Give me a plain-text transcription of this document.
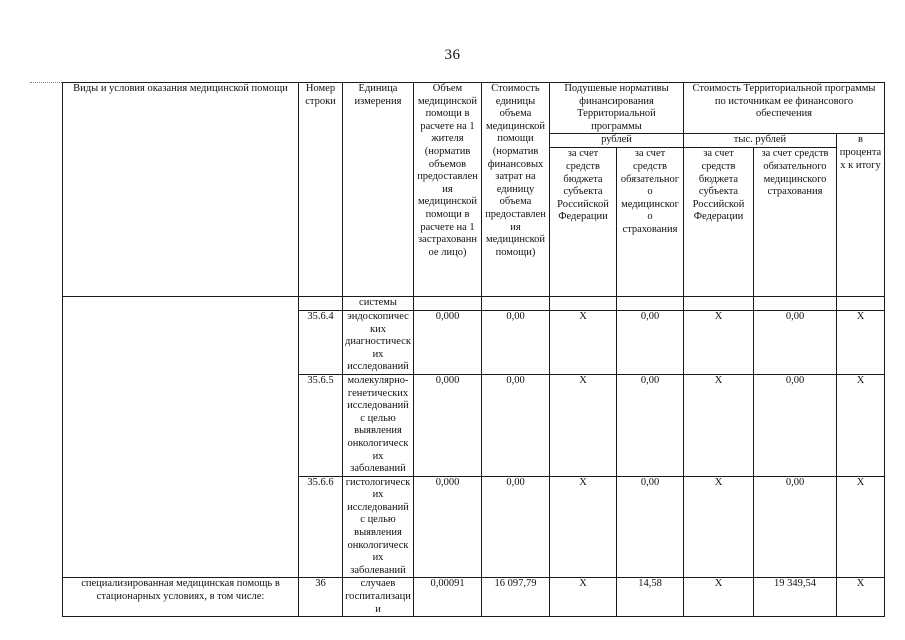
36
Виды и условия оказания медицинской помощи	Номер строки	Единица измерения	Объем медицинской помощи в расчете на 1 жителя (норматив объемов предоставления медицинской помощи в расчете на 1 застрахованное лицо)	Стоимость единицы объема медицинской помощи (норматив финансовых затрат на единицу объема предоставления медицинской помощи)	Подушевые нормативы финансирования Территориальной программы		Стоимость Территориальной программы по источникам ее финансового обеспечения		
					рублей		тыс. рублей		в процентах к итогу
					за счет средств бюджета субъекта Российской Федерации	за счет средств обязательного медицинского страхования	за счет средств бюджета субъекта Российской Федерации	за счет средств обязательного медицинского страхования	
		системы							
	35.6.4	эндоскопических диагностических исследований	0,000	0,00	X	0,00	X	0,00	X
	35.6.5	молекулярно-генетических исследований с целью выявления онкологических заболеваний	0,000	0,00	X	0,00	X	0,00	X
	35.6.6	гистологических исследований с целью выявления онкологических заболеваний	0,000	0,00	X	0,00	X	0,00	X
специализированная медицинская помощь в стационарных условиях, в том числе:	36	случаев госпитализации	0,00091	16 097,79	X	14,58	X	19 349,54	X
